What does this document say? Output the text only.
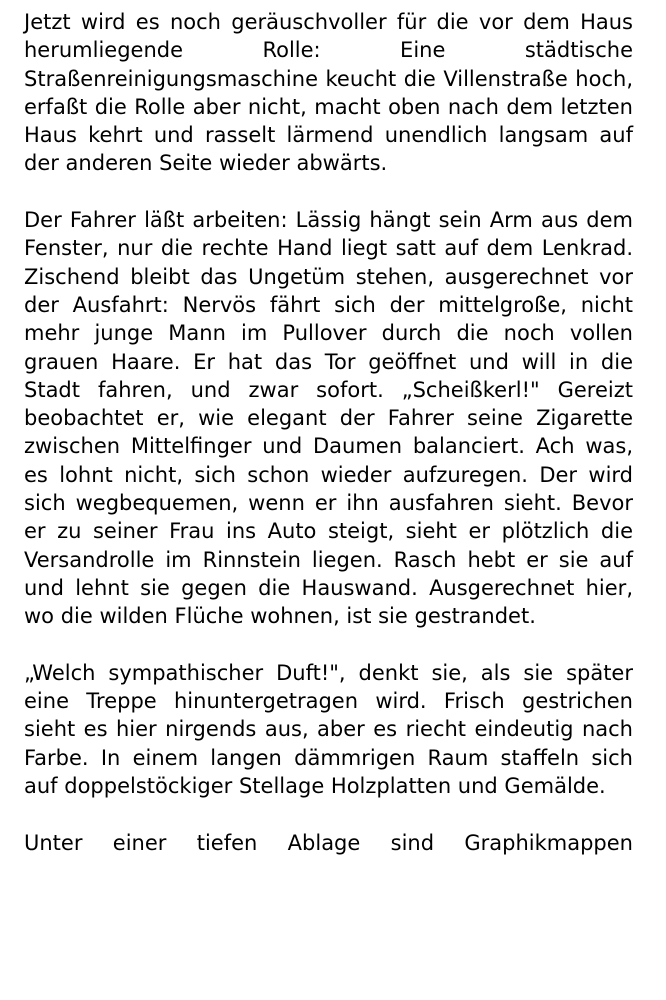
Jetzt wird es noch geräuschvoller für die vor dem Haus herumliegende Rolle: Eine städtische Straßenreinigungsmaschine keucht die Villenstraße hoch, erfaßt die Rolle aber nicht, macht oben nach dem letzten Haus kehrt und rasselt lärmend unendlich langsam auf der anderen Seite wieder abwärts.

Der Fahrer läßt arbeiten: Lässig hängt sein Arm aus dem Fenster, nur die rechte Hand liegt satt auf dem Lenkrad. Zischend bleibt das Ungetüm stehen, ausgerechnet vor der Ausfahrt: Nervös fährt sich der mittelgroße, nicht mehr junge Mann im Pullover durch die noch vollen grauen Haare. Er hat das Tor geöffnet und will in die Stadt fahren, und zwar sofort. „Scheißkerl!" Gereizt beobachtet er, wie elegant der Fahrer seine Zigarette zwischen Mittelfinger und Daumen balanciert. Ach was, es lohnt nicht, sich schon wieder aufzuregen. Der wird sich wegbequemen, wenn er ihn ausfahren sieht. Bevor er zu seiner Frau ins Auto steigt, sieht er plötzlich die Versandrolle im Rinnstein liegen. Rasch hebt er sie auf und lehnt sie gegen die Hauswand. Ausgerechnet hier, wo die wilden Flüche wohnen, ist sie gestrandet.

„Welch sympathischer Duft!", denkt sie, als sie später eine Treppe hinuntergetragen wird. Frisch gestrichen sieht es hier nirgends aus, aber es riecht eindeutig nach Farbe. In einem langen dämmrigen Raum staffeln sich auf doppelstöckiger Stellage Holzplatten und Gemälde.

Unter einer tiefen Ablage sind Graphikmappen
